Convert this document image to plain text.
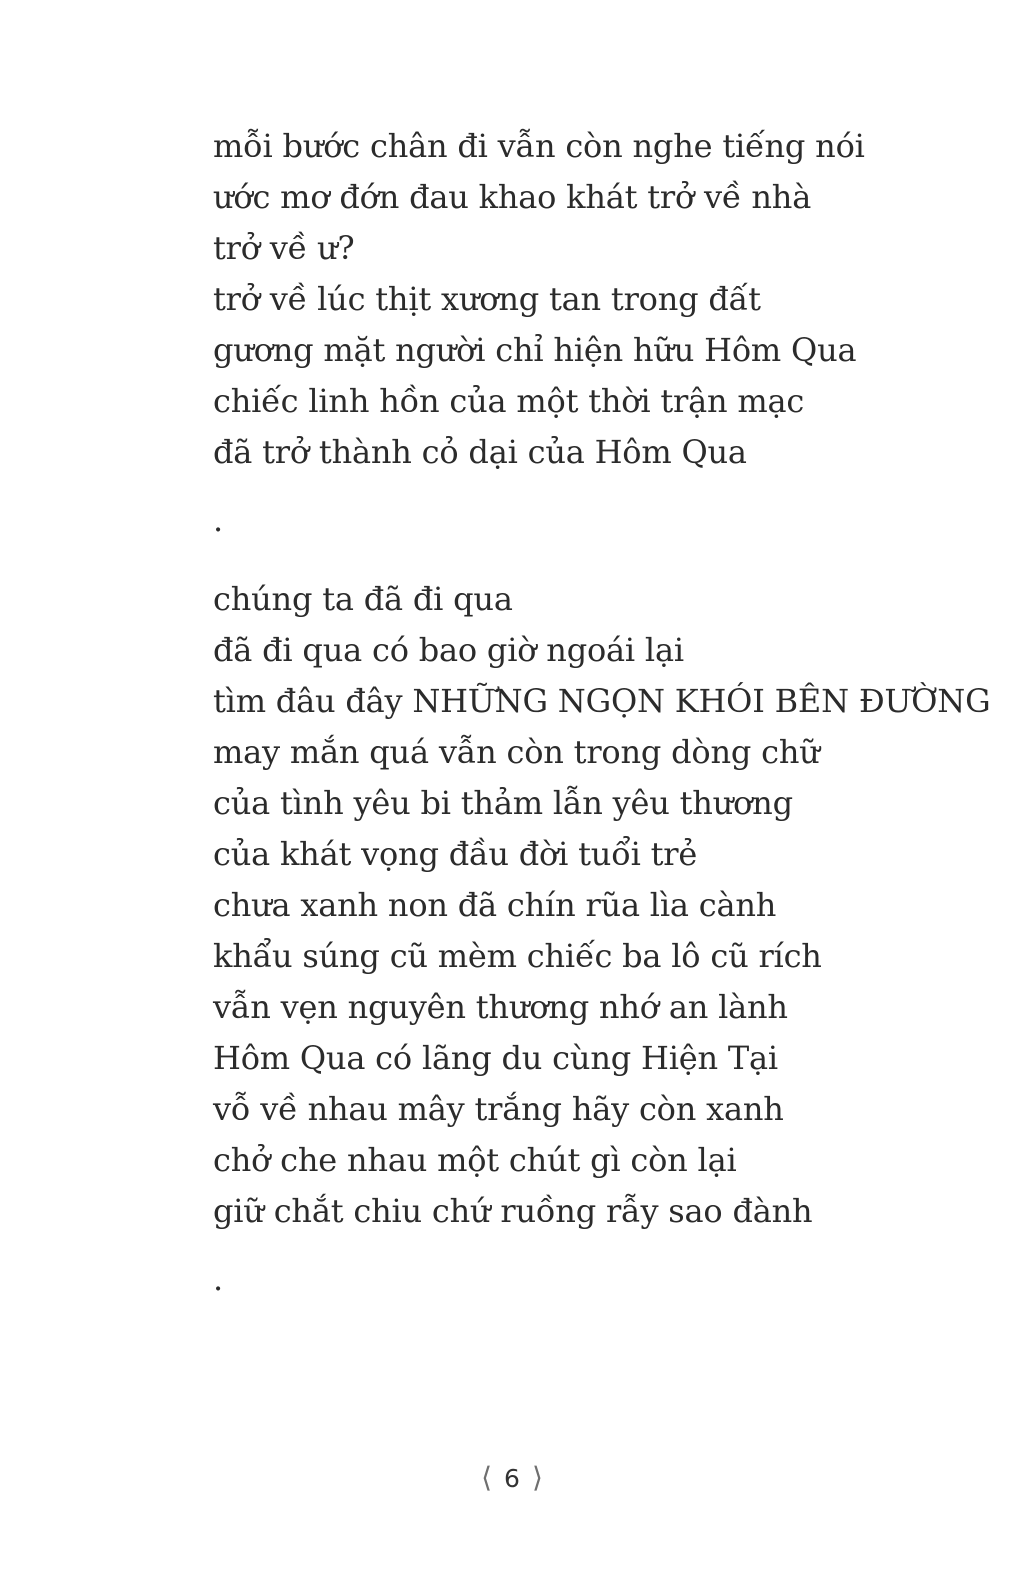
mỗi bước chân đi vẫn còn nghe tiếng nói
ước mơ đớn đau khao khát trở về nhà
trở về ư?
trở về lúc thịt xương tan trong đất
gương mặt người chỉ hiện hữu Hôm Qua
chiếc linh hồn của một thời trận mạc
đã trở thành cỏ dại của Hôm Qua
.
chúng ta đã đi qua
đã đi qua có bao giờ ngoái lại
tìm đâu đây NHỮNG NGỌN KHÓI BÊN ĐƯỜNG
may mắn quá vẫn còn trong dòng chữ
của tình yêu bi thảm lẫn yêu thương
của khát vọng đầu đời tuổi trẻ
chưa xanh non đã chín rũa lìa cành
khẩu súng cũ mèm chiếc ba lô cũ rích
vẫn vẹn nguyên thương nhớ an lành
Hôm Qua có lãng du cùng Hiện Tại
vỗ về nhau mây trắng hãy còn xanh
chở che nhau một chút gì còn lại
giữ chắt chiu chứ ruồng rẫy sao đành
.
⟨ 6 ⟩
